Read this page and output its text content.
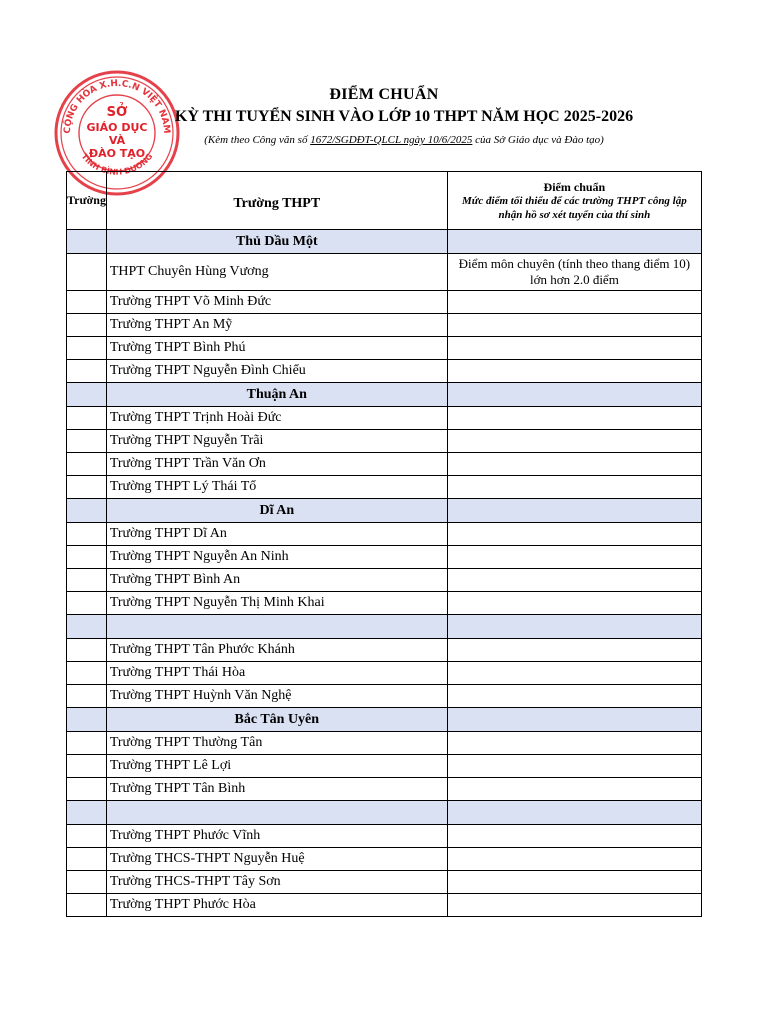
CỘNG HÒA X.H.C.N VIỆT NAM
TỈNH BÌNH DƯƠNG
SỞ
GIÁO DỤC
VÀ
ĐÀO TẠO
ĐIỂM CHUẨN
KỲ THI TUYỂN SINH VÀO LỚP 10 THPT NĂM HỌC 2025-2026
(Kèm theo Công văn số 1672/SGDĐT-QLCL ngày 10/6/2025 của Sở Giáo dục và Đào tạo)
Trường	Trường THPT	Điểm chuẩn
Mức điểm tối thiểu để các trường THPT công lập nhận hồ sơ xét tuyển của thí sinh

	Thủ Dầu Một	
	THPT Chuyên Hùng Vương	Điểm môn chuyên (tính theo thang điểm 10) lớn hơn 2.0 điểm
	Trường THPT Võ Minh Đức	
	Trường THPT An Mỹ	
	Trường THPT Bình Phú	
	Trường THPT Nguyễn Đình Chiểu	
	Thuận An	
	Trường THPT Trịnh Hoài Đức	
	Trường THPT Nguyễn Trãi	
	Trường THPT Trần Văn Ơn	
	Trường THPT Lý Thái Tổ	
	Dĩ An	
	Trường THPT Dĩ An	
	Trường THPT Nguyễn An Ninh	
	Trường THPT Bình An	
	Trường THPT Nguyễn Thị Minh Khai	

	Trường THPT Tân Phước Khánh	
	Trường THPT Thái Hòa	
	Trường THPT Huỳnh Văn Nghệ	
	Bắc Tân Uyên	
	Trường THPT Thường Tân	
	Trường THPT Lê Lợi	
	Trường THPT Tân Bình	

	Trường THPT Phước Vĩnh	
	Trường THCS-THPT Nguyễn Huệ	
	Trường THCS-THPT Tây Sơn	
	Trường THPT Phước Hòa	
